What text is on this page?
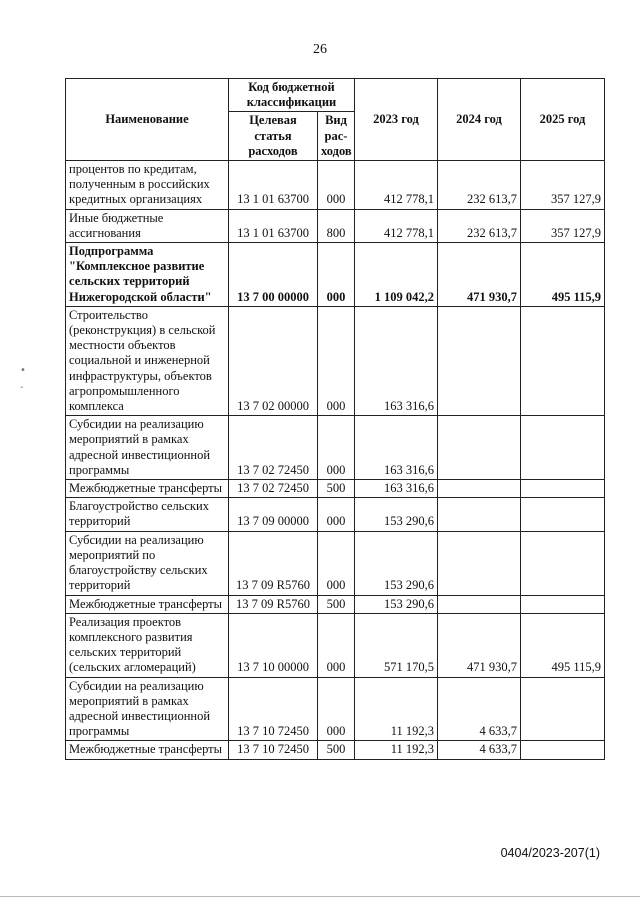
26
•
-
Наименование	Код бюджетной классификации		2023 год	2024 год	2025 год
	Целевая статья расходов	Вид рас-ходов			
процентов по кредитам, полученным в российских кредитных организациях	13 1 01 63700	000	412 778,1	232 613,7	357 127,9
Иные бюджетные ассигнования	13 1 01 63700	800	412 778,1	232 613,7	357 127,9
Подпрограмма "Комплексное развитие сельских территорий Нижегородской области"	13 7 00 00000	000	1 109 042,2	471 930,7	495 115,9
Строительство (реконструкция) в сельской местности объектов социальной и инженерной инфраструктуры, объектов агропромышленного комплекса	13 7 02 00000	000	163 316,6		
Субсидии на реализацию мероприятий в рамках адресной инвестиционной программы	13 7 02 72450	000	163 316,6		
Межбюджетные трансферты	13 7 02 72450	500	163 316,6		
Благоустройство сельских территорий	13 7 09 00000	000	153 290,6		
Субсидии на реализацию мероприятий по благоустройству сельских территорий	13 7 09 R5760	000	153 290,6		
Межбюджетные трансферты	13 7 09 R5760	500	153 290,6		
Реализация проектов комплексного развития сельских территорий (сельских агломераций)	13 7 10 00000	000	571 170,5	471 930,7	495 115,9
Субсидии на реализацию мероприятий в рамках адресной инвестиционной программы	13 7 10 72450	000	11 192,3	4 633,7	
Межбюджетные трансферты	13 7 10 72450	500	11 192,3	4 633,7	
0404/2023-207(1)
